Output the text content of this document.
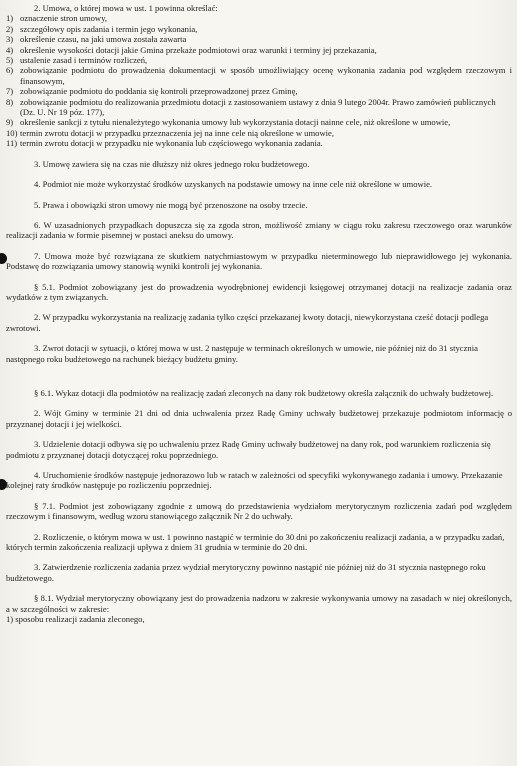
2. Umowa, o której mowa w ust. 1 powinna określać:

1) oznaczenie stron umowy,
2) szczegółowy opis zadania i termin jego wykonania,
3) określenie czasu, na jaki umowa została zawarta
4) określenie wysokości dotacji jakie Gmina przekaże podmiotowi oraz warunki i terminy jej przekazania,
5) ustalenie zasad i terminów rozliczeń,
6) zobowiązanie podmiotu do prowadzenia dokumentacji w sposób umożliwiający ocenę wykonania zadania pod względem rzeczowym i finansowym,
7) zobowiązanie podmiotu do poddania się kontroli przeprowadzonej przez Gminę,
8) zobowiązanie podmiotu do realizowania przedmiotu dotacji z zastosowaniem ustawy z dnia 9 lutego 2004r. Prawo zamówień publicznych (Dz. U. Nr 19 póz. 177),
9) określenie sankcji z tytułu nienależytego wykonania umowy lub wykorzystania dotacji nainne cele, niż określone w umowie,
10) termin zwrotu dotacji w przypadku przeznaczenia jej na inne cele nią określone w umowie,
11) termin zwrotu dotacji w przypadku nie wykonania lub częściowego wykonania zadania.

3. Umowę zawiera się na czas nie dłuższy niż okres jednego roku budżetowego.

4. Podmiot nie może wykorzystać środków uzyskanych na podstawie umowy na inne cele niż określone w umowie.

5. Prawa i obowiązki stron umowy nie mogą być przenoszone na osoby trzecie.

6. W uzasadnionych przypadkach dopuszcza się za zgoda stron, możliwość zmiany w ciągu roku zakresu rzeczowego oraz warunków realizacji zadania w formie pisemnej w postaci aneksu do umowy.

7. Umowa może być rozwiązana ze skutkiem natychmiastowym w przypadku nieterminowego lub nieprawidłowego jej wykonania. Podstawę do rozwiązania umowy stanowią wyniki kontroli jej wykonania.

§ 5.1. Podmiot zobowiązany jest do prowadzenia wyodrębnionej ewidencji księgowej otrzymanej dotacji na realizacje zadania oraz wydatków z tym związanych.

2. W przypadku wykorzystania na realizację zadania tylko części przekazanej kwoty dotacji, niewykorzystana cześć dotacji podlega zwrotowi.

3. Zwrot dotacji w sytuacji, o której mowa w ust. 2 następuje w terminach określonych w umowie, nie później niż do 31 stycznia następnego roku budżetowego na rachunek bieżący budżetu gminy.

§ 6.1. Wykaz dotacji dla podmiotów na realizację zadań zleconych na dany rok budżetowy określa załącznik do uchwały budżetowej.

2. Wójt Gminy w terminie 21 dni od dnia uchwalenia przez Radę Gminy uchwały budżetowej przekazuje podmiotom informację o przyznanej dotacji i jej wielkości.

3. Udzielenie dotacji odbywa się po uchwaleniu przez Radę Gminy uchwały budżetowej na dany rok, pod warunkiem rozliczenia się podmiotu z przyznanej dotacji dotyczącej roku poprzedniego.

4. Uruchomienie środków następuje jednorazowo lub w ratach w zależności od specyfiki wykonywanego zadania i umowy. Przekazanie kolejnej raty środków następuje po rozliczeniu poprzedniej.

§ 7.1. Podmiot jest zobowiązany zgodnie z umową do przedstawienia wydziałom merytorycznym rozliczenia zadań pod względem rzeczowym i finansowym, według wzoru stanowiącego załącznik Nr 2 do uchwały.

2. Rozliczenie, o którym mowa w ust. 1 powinno nastąpić w terminie do 30 dni po zakończeniu realizacji zadania, a w przypadku zadań, których termin zakończenia realizacji upływa z dniem 31 grudnia w terminie do 20 dni.

3. Zatwierdzenie rozliczenia zadania przez wydział merytoryczny powinno nastąpić nie później niż do 31 stycznia następnego roku budżetowego.

§ 8.1. Wydział merytoryczny obowiązany jest do prowadzenia nadzoru w zakresie wykonywania umowy na zasadach w niej określonych, a w szczególności w zakresie:

1) sposobu realizacji zadania zleconego,
